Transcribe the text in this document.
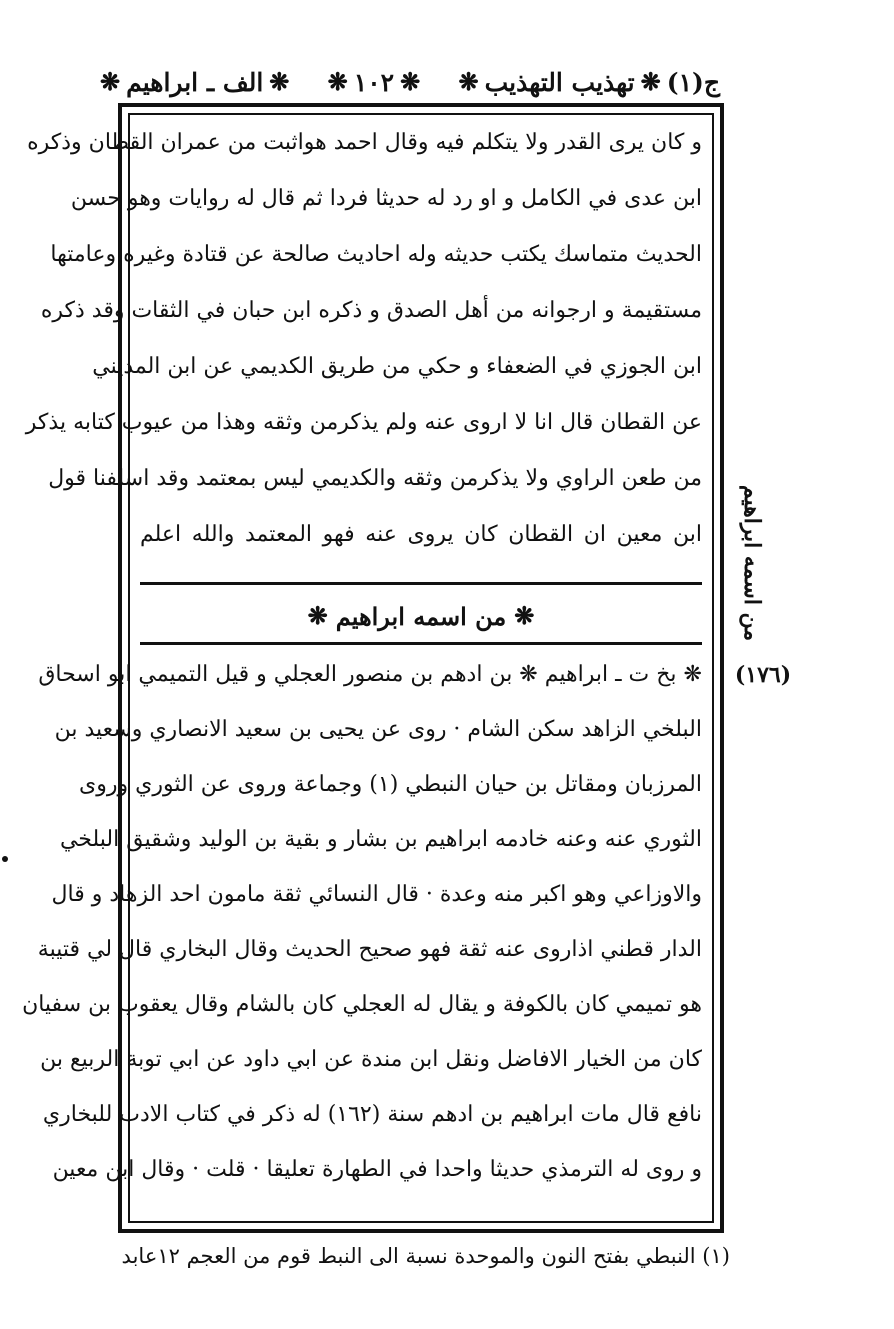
ج(١)
❋
تهذيب التهذيب
❋
❋
١٠٢
❋
❋
الف ـ ابراهيم
❋
و كان يرى القدر ولا يتكلم فيه وقال احمد هواثبت من عمران القطان وذكره
ابن عدى في الكامل و او رد له حديثا فردا ثم قال له روايات وهو حسن
الحديث متماسك يكتب حديثه وله احاديث صالحة عن قتادة وغيره وعامتها
مستقيمة و ارجوانه من أهل الصدق و ذكره ابن حبان في الثقات وقد ذكره
ابن الجوزي في الضعفاء و حكي من طريق الكديمي عن ابن المديني
عن القطان قال انا لا اروى عنه ولم يذكرمن وثقه وهذا من عيوب كتابه يذكر
من طعن الراوي ولا يذكرمن وثقه والكديمي ليس بمعتمد وقد اسلفنا قول
ابن معين ان القطان كان يروى عنه فهو المعتمد والله اعلم
❋
من اسمه ابراهيم
❋	من اسمه ابراهيم
(١٧٦)
❋ بخ ت ـ ابراهيم ❋ بن ادهم بن منصور العجلي و قيل التميمي ابو اسحاق
البلخي الزاهد سكن الشام · روى عن يحيى بن سعيد الانصاري وسعيد بن
المرزبان ومقاتل بن حيان النبطي (١) وجماعة وروى عن الثوري وروى
الثوري عنه وعنه خادمه ابراهيم بن بشار و بقية بن الوليد وشقيق البلخي
والاوزاعي وهو اكبر منه وعدة · قال النسائي ثقة مامون احد الزهاد و قال
الدار قطني اذاروى عنه ثقة فهو صحيح الحديث وقال البخاري قال لي قتيبة
هو تميمي كان بالكوفة و يقال له العجلي كان بالشام وقال يعقوب بن سفيان
كان من الخيار الافاضل ونقل ابن مندة عن ابي داود عن ابي توبة الربيع بن
نافع قال مات ابراهيم بن ادهم سنة (١٦٢) له ذكر في كتاب الادب للبخاري
و روى له الترمذي حديثا واحدا في الطهارة تعليقا · قلت · وقال ابن معين
(١) النبطي بفتح النون والموحدة نسبة الى النبط قوم من العجم ١٢
عابد
